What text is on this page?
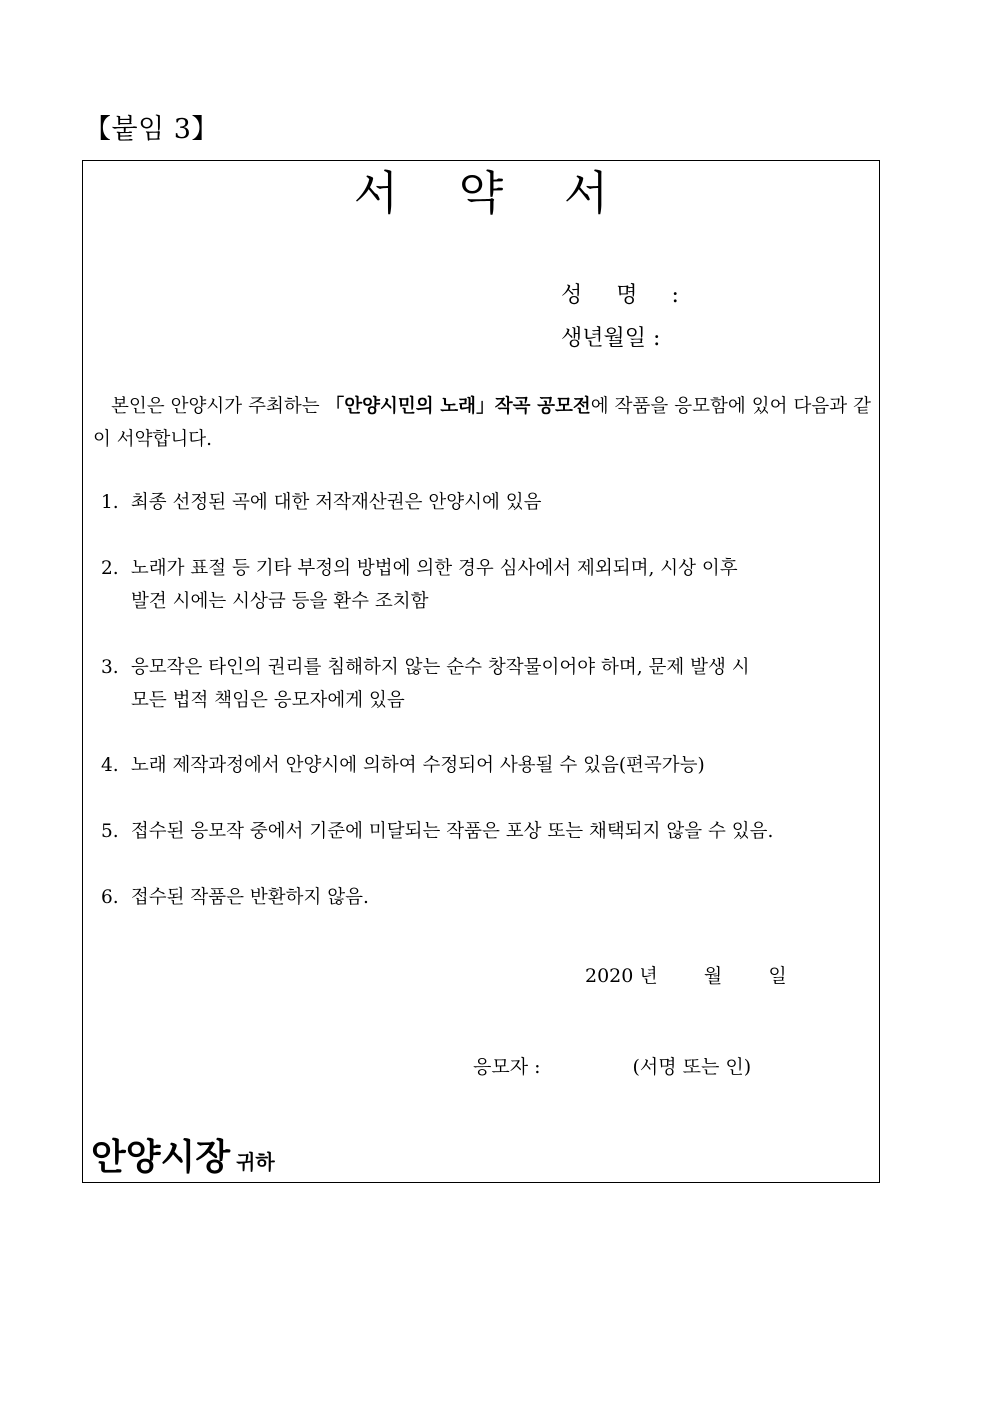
【붙임 3】
서 약 서
성명:
생년월일 :
본인은 안양시가 주최하는 「안양시민의 노래」작곡 공모전에 작품을 응모함에 있어 다음과 같이 서약합니다.
1. 최종 선정된 곡에 대한 저작재산권은 안양시에 있음
2. 노래가 표절 등 기타 부정의 방법에 의한 경우 심사에서 제외되며, 시상 이후
발견 시에는 시상금 등을 환수 조치함
3. 응모작은 타인의 권리를 침해하지 않는 순수 창작물이어야 하며, 문제 발생 시
모든 법적 책임은 응모자에게 있음
4. 노래 제작과정에서 안양시에 의하여 수정되어 사용될 수 있음(편곡가능)
5. 접수된 응모작 중에서 기준에 미달되는 작품은 포상 또는 채택되지 않을 수 있음.
6. 접수된 작품은 반환하지 않음.
2020 년 월 일
응모자 :	(서명 또는 인)
안양시장 귀하
